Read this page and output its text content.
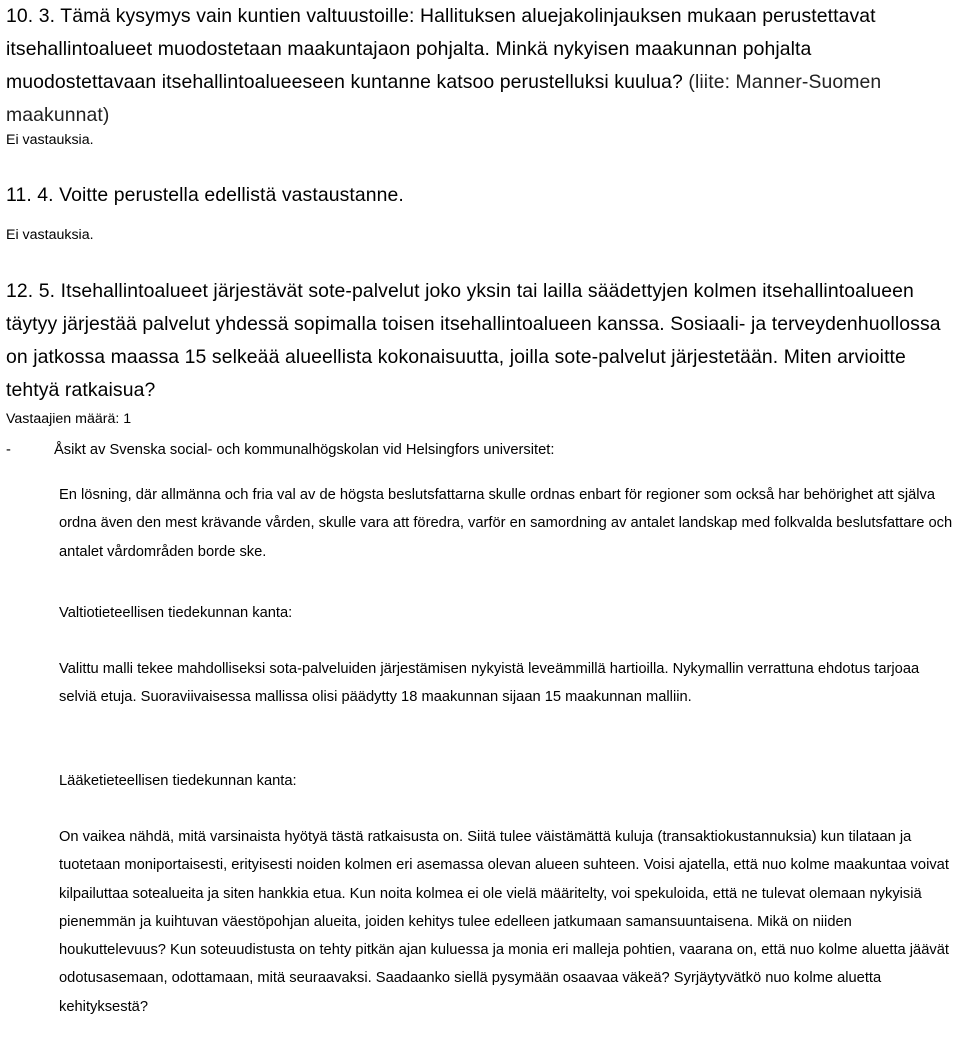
10. 3. Tämä kysymys vain kuntien valtuustoille: Hallituksen aluejakolinjauksen mukaan perustettavat itsehallintoalueet muodostetaan maakuntajaon pohjalta. Minkä nykyisen maakunnan pohjalta muodostettavaan itsehallintoalueeseen kuntanne katsoo perustelluksi kuulua? (liite: Manner-Suomen maakunnat)
Ei vastauksia.
11. 4. Voitte perustella edellistä vastaustanne.
Ei vastauksia.
12. 5. Itsehallintoalueet järjestävät sote-palvelut joko yksin tai lailla säädettyjen kolmen itsehallintoalueen täytyy järjestää palvelut yhdessä sopimalla toisen itsehallintoalueen kanssa. Sosiaali- ja terveydenhuollossa on jatkossa maassa 15 selkeää alueellista kokonaisuutta, joilla sote-palvelut järjestetään. Miten arvioitte tehtyä ratkaisua?
Vastaajien määrä: 1

-	Åsikt av Svenska social- och kommunalhögskolan vid Helsingfors universitet:

En lösning, där allmänna och fria val av de högsta beslutsfattarna skulle ordnas enbart för regioner som också har behörighet att själva ordna även den mest krävande vården, skulle vara att föredra, varför en samordning av antalet landskap med folkvalda beslutsfattare och antalet vårdområden borde ske.

Valtiotieteellisen tiedekunnan kanta:

Valittu malli tekee mahdolliseksi sota-palveluiden järjestämisen nykyistä leveämmillä hartioilla. Nykymallin verrattuna ehdotus tarjoaa selviä etuja. Suoraviivaisessa mallissa olisi päädytty 18 maakunnan sijaan 15 maakunnan malliin.

Lääketieteellisen tiedekunnan kanta:

On vaikea nähdä, mitä varsinaista hyötyä tästä ratkaisusta on. Siitä tulee väistämättä kuluja (transaktiokustannuksia) kun tilataan ja tuotetaan moniportaisesti, erityisesti noiden kolmen eri asemassa olevan alueen suhteen. Voisi ajatella, että nuo kolme maakuntaa voivat kilpailuttaa sotealueita ja siten hankkia etua. Kun noita kolmea ei ole vielä määritelty, voi spekuloida, että ne tulevat olemaan nykyisiä pienemmän ja kuihtuvan väestöpohjan alueita, joiden kehitys tulee edelleen jatkumaan samansuuntaisena. Mikä on niiden houkuttelevuus? Kun soteuudistusta on tehty pitkän ajan kuluessa ja monia eri malleja pohtien, vaarana on, että nuo kolme aluetta jäävät odotusasemaan, odottamaan, mitä seuraavaksi. Saadaanko siellä pysymään osaavaa väkeä? Syrjäytyvätkö nuo kolme aluetta kehityksestä?
